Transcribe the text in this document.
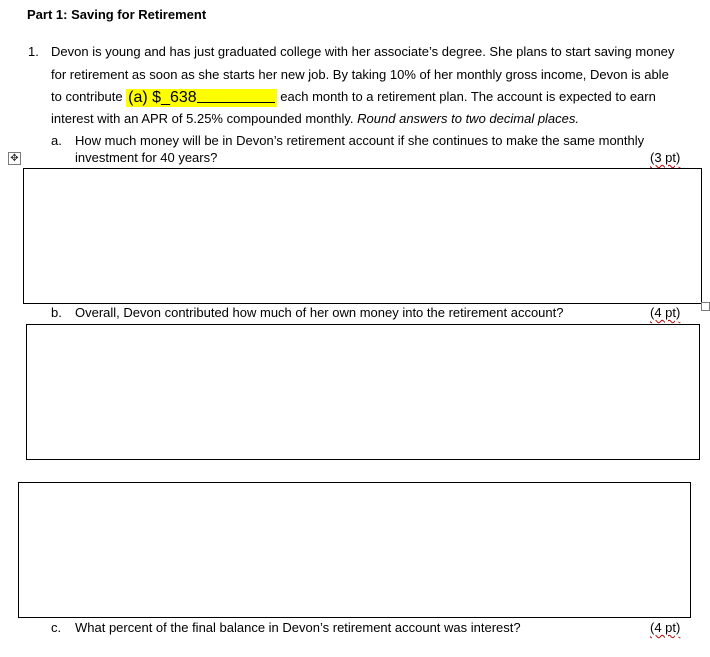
Part 1: Saving for Retirement
1. Devon is young and has just graduated college with her associate’s degree. She plans to start saving money
for retirement as soon as she starts her new job. By taking 10% of her monthly gross income, Devon is able
to contribute (a) $_638	each month to a retirement plan. The account is expected to earn
interest with an APR of 5.25% compounded monthly. Round answers to two decimal places.
a. How much money will be in Devon’s retirement account if she continues to make the same monthly
investment for 40 years?	(3 pt)
✥
b. Overall, Devon contributed how much of her own money into the retirement account?	(4 pt)
c. What percent of the final balance in Devon’s retirement account was interest?	(4 pt)
